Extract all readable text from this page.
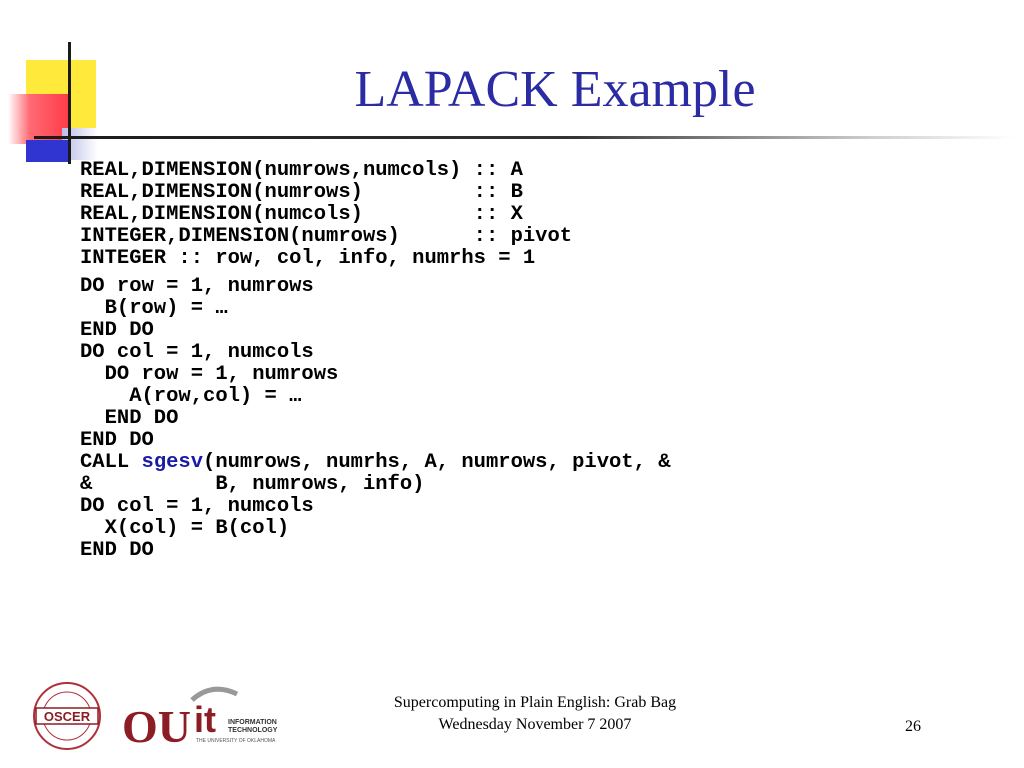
LAPACK Example
REAL,DIMENSION(numrows,numcols) :: A
REAL,DIMENSION(numrows)         :: B
REAL,DIMENSION(numcols)         :: X
INTEGER,DIMENSION(numrows)      :: pivot
INTEGER :: row, col, info, numrhs = 1
DO row = 1, numrows
B(row) = …
END DO
DO col = 1, numcols
DO row = 1, numrows
A(row,col) = …
END DO
END DO
CALL sgesv(numrows, numrhs, A, numrows, pivot, &
&          B, numrows, info)
DO col = 1, numcols
X(col) = B(col)
END DO
OSCER OU it INFORMATION
TECHNOLOGY
THE UNIVERSITY OF OKLAHOMA
Supercomputing in Plain English: Grab Bag
Wednesday November 7 2007	26
